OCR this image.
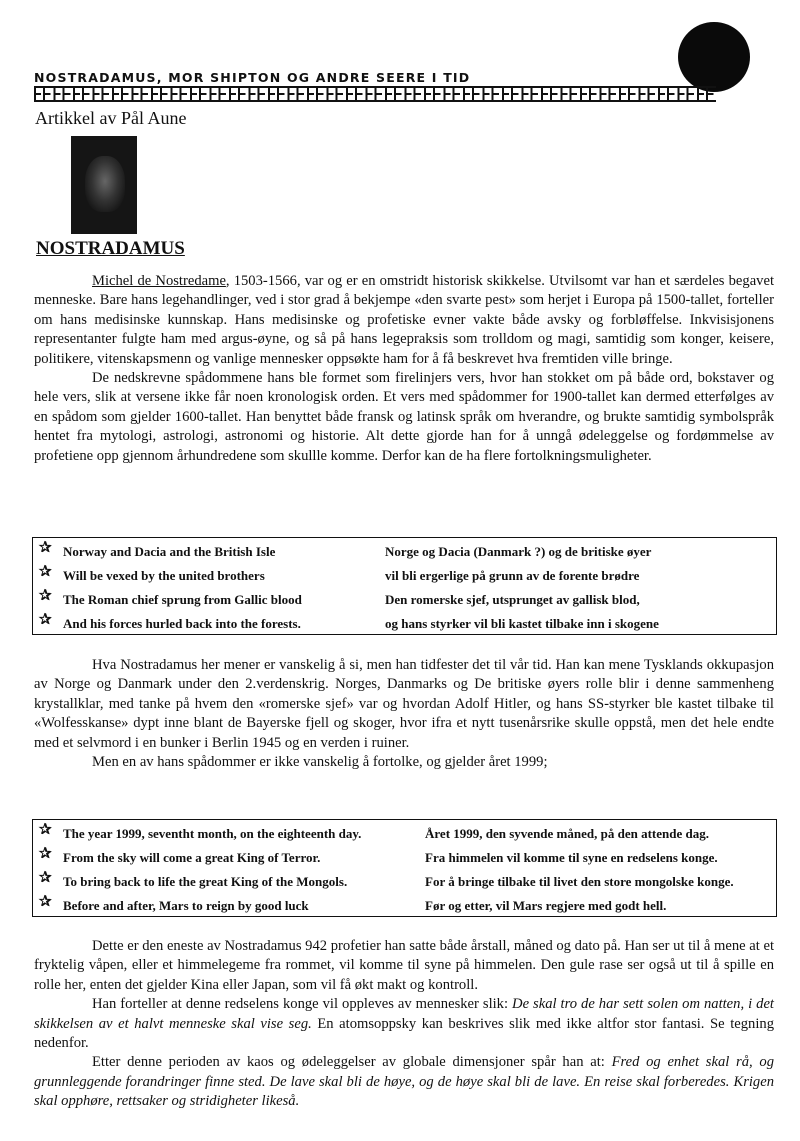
NOSTRADAMUS, MOR SHIPTON OG ANDRE SEERE I TID
Artikkel av Pål Aune
NOSTRADAMUS

Michel de Nostredame, 1503-1566, var og er en omstridt historisk skikkelse. Utvilsomt var han et særdeles begavet menneske. Bare hans legehandlinger, ved i stor grad å bekjempe «den svarte pest» som herjet i Europa på 1500-tallet, forteller om hans medisinske kunnskap. Hans medisinske og profetiske evner vakte både avsky og forbløffelse. Inkvisisjonens representanter fulgte ham med argus-øyne, og så på hans legepraksis som trolldom og magi, samtidig som konger, keisere, politikere, vitenskapsmenn og vanlige mennesker oppsøkte ham for å få beskrevet hva fremtiden ville bringe.

De nedskrevne spådommene hans ble formet som firelinjers vers, hvor han stokket om på både ord, bokstaver og hele vers, slik at versene ikke får noen kronologisk orden. Et vers med spådommer for 1900-tallet kan dermed etterfølges av en spådom som gjelder 1600-tallet. Han benyttet både fransk og latinsk språk om hverandre, og brukte samtidig symbolspråk hentet fra mytologi, astrologi, astronomi og historie. Alt dette gjorde han for å unngå ødeleggelse og fordømmelse av profetiene opp gjennom århundredene som skullle komme. Derfor kan de ha flere fortolkningsmuligheter.

✰ Norway and Dacia and the British Isle	Norge og Dacia (Danmark ?) og de britiske øyer
✰ Will be vexed by the united brothers	vil bli ergerlige på grunn av de forente brødre
✰ The Roman chief sprung from Gallic blood	Den romerske sjef, utsprunget av gallisk blod,
✰ And his forces hurled back into the forests.	og hans styrker vil bli kastet tilbake inn i skogene

Hva Nostradamus her mener er vanskelig å si, men han tidfester det til vår tid. Han kan mene Tysklands okkupasjon av Norge og Danmark under den 2.verdenskrig. Norges, Danmarks og De britiske øyers rolle blir i denne sammenheng krystallklar, med tanke på hvem den «romerske sjef» var og hvordan Adolf Hitler, og hans SS-styrker ble kastet tilbake til «Wolfesskanse» dypt inne blant de Bayerske fjell og skoger, hvor ifra et nytt tusenårsrike skulle oppstå, men det hele endte med et selvmord i en bunker i Berlin 1945 og en verden i ruiner.

Men en av hans spådommer er ikke vanskelig å fortolke, og gjelder året 1999;

✰ The year 1999, seventht month, on the eighteenth day.	Året 1999, den syvende måned, på den attende dag.
✰ From the sky will come a great King of Terror.	Fra himmelen vil komme til syne en redselens konge.
✰ To bring back to life the great King of the Mongols.	For å bringe tilbake til livet den store mongolske konge.
✰ Before and after, Mars to reign by good luck	Før og etter, vil Mars regjere med godt hell.

Dette er den eneste av Nostradamus 942 profetier han satte både årstall, måned og dato på. Han ser ut til å mene at et fryktelig våpen, eller et himmelegeme fra rommet, vil komme til syne på himmelen. Den gule rase ser også ut til å spille en rolle her, enten det gjelder Kina eller Japan, som vil få økt makt og kontroll.

Han forteller at denne redselens konge vil oppleves av mennesker slik: De skal tro de har sett solen om natten, i det skikkelsen av et halvt menneske skal vise seg. En atomsoppsky kan beskrives slik med ikke altfor stor fantasi. Se tegning nedenfor.

Etter denne perioden av kaos og ødeleggelser av globale dimensjoner spår han at: Fred og enhet skal rå, og grunnleggende forandringer finne sted. De lave skal bli de høye, og de høye skal bli de lave. En reise skal forberedes. Krigen skal opphøre, rettsaker og stridigheter likeså.
